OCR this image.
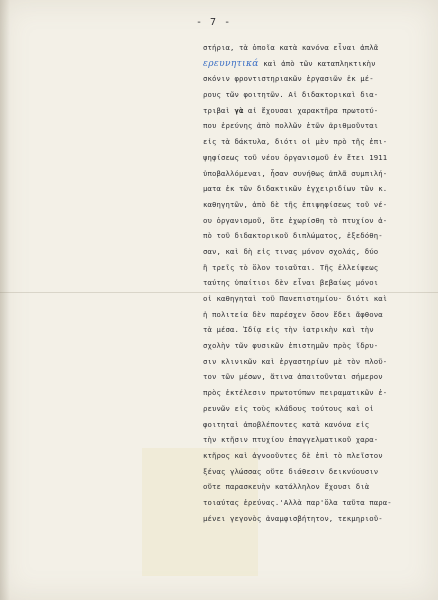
- 7 -
στήρια, τὰ ὁποῖα κατὰ κανόνα εἶναι ἁπλᾶ
ερευνητικά καὶ ἀπὸ τῶν καταπληκτικὴν
σκόνιν φροντιστηριακῶν ἐργασιῶν ἐκ μέ-
ρους τῶν φοιτητῶν. Αἱ διδακτορικαὶ δια-
τριβαὶ γὰ αἱ ἔχουσαι χαρακτῆρα πρωτοτύ-
που ἐρεύνης ἀπὸ πολλῶν ἐτῶν ἀριθμοῦνται
εἰς τὰ δάκτυλα, διότι οἱ μὲν πρὸ τῆς ἐπι-
ψηφίσεως τοῦ νέου ὀργανισμοῦ ἐν ἔτει 1911
ὑποβαλλόμεναι, ἦσαν συνήθως ἁπλᾶ συμπιλή-
ματα ἐκ τῶν διδακτικῶν ἐγχειριδίων τῶν κ.
καθηγητῶν, ἀπὸ δὲ τῆς ἐπιψηφίσεως τοῦ νέ-
ου ὀργανισμοῦ, ὅτε ἐχωρίσθη τὸ πτυχίον ἀ-
πὸ τοῦ διδακτορικοῦ διπλώματος, ἐξεδόθη-
σαν, καὶ δὴ εἰς τινας μόνον σχολάς, δύο
ἢ τρεῖς τὸ ὅλον τοιαῦται. Τῆς ἐλλείψεως
ταύτης ὑπαίτιοι δὲν εἶναι βεβαίως μόνοι
οἱ καθηγηταὶ τοῦ Πανεπιστημίου· διότι καὶ
ἡ πολιτεία δὲν παρέσχεν ὅσον ἔδει ἄφθονα
τὰ μέσα. Ἰδίᾳ εἰς τὴν ἰατρικὴν καὶ τὴν
σχολὴν τῶν φυσικῶν ἐπιστημῶν πρὸς ἵδρυ-
σιν κλινικῶν καὶ ἐργαστηρίων μὲ τὸν πλοῦ-
τον τῶν μέσων, ἅτινα ἀπαιτοῦνται σήμερον
πρὸς ἐκτέλεσιν πρωτοτύπων πειραματικῶν ἐ-
ρευνῶν εἰς τοὺς κλάδους τούτους καὶ οἱ
φοιτηταὶ ἀποβλέποντες κατὰ κανόνα εἰς
τὴν κτῆσιν πτυχίου ἐπαγγελματικοῦ χαρα-
κτῆρος καὶ ἀγνοοῦντες δὲ ἐπὶ τὸ πλεῖστον
ξένας γλώσσας οὔτε διάθεσιν δεικνύουσιν
οὔτε παρασκευὴν κατάλληλον ἔχουσι διὰ
τοιαύτας ἐρεύνας.'Αλλὰ παρ'ὅλα ταῦτα παρα-
μένει γεγονὸς ἀναμφισβήτητον, τεκμηριοῦ-
